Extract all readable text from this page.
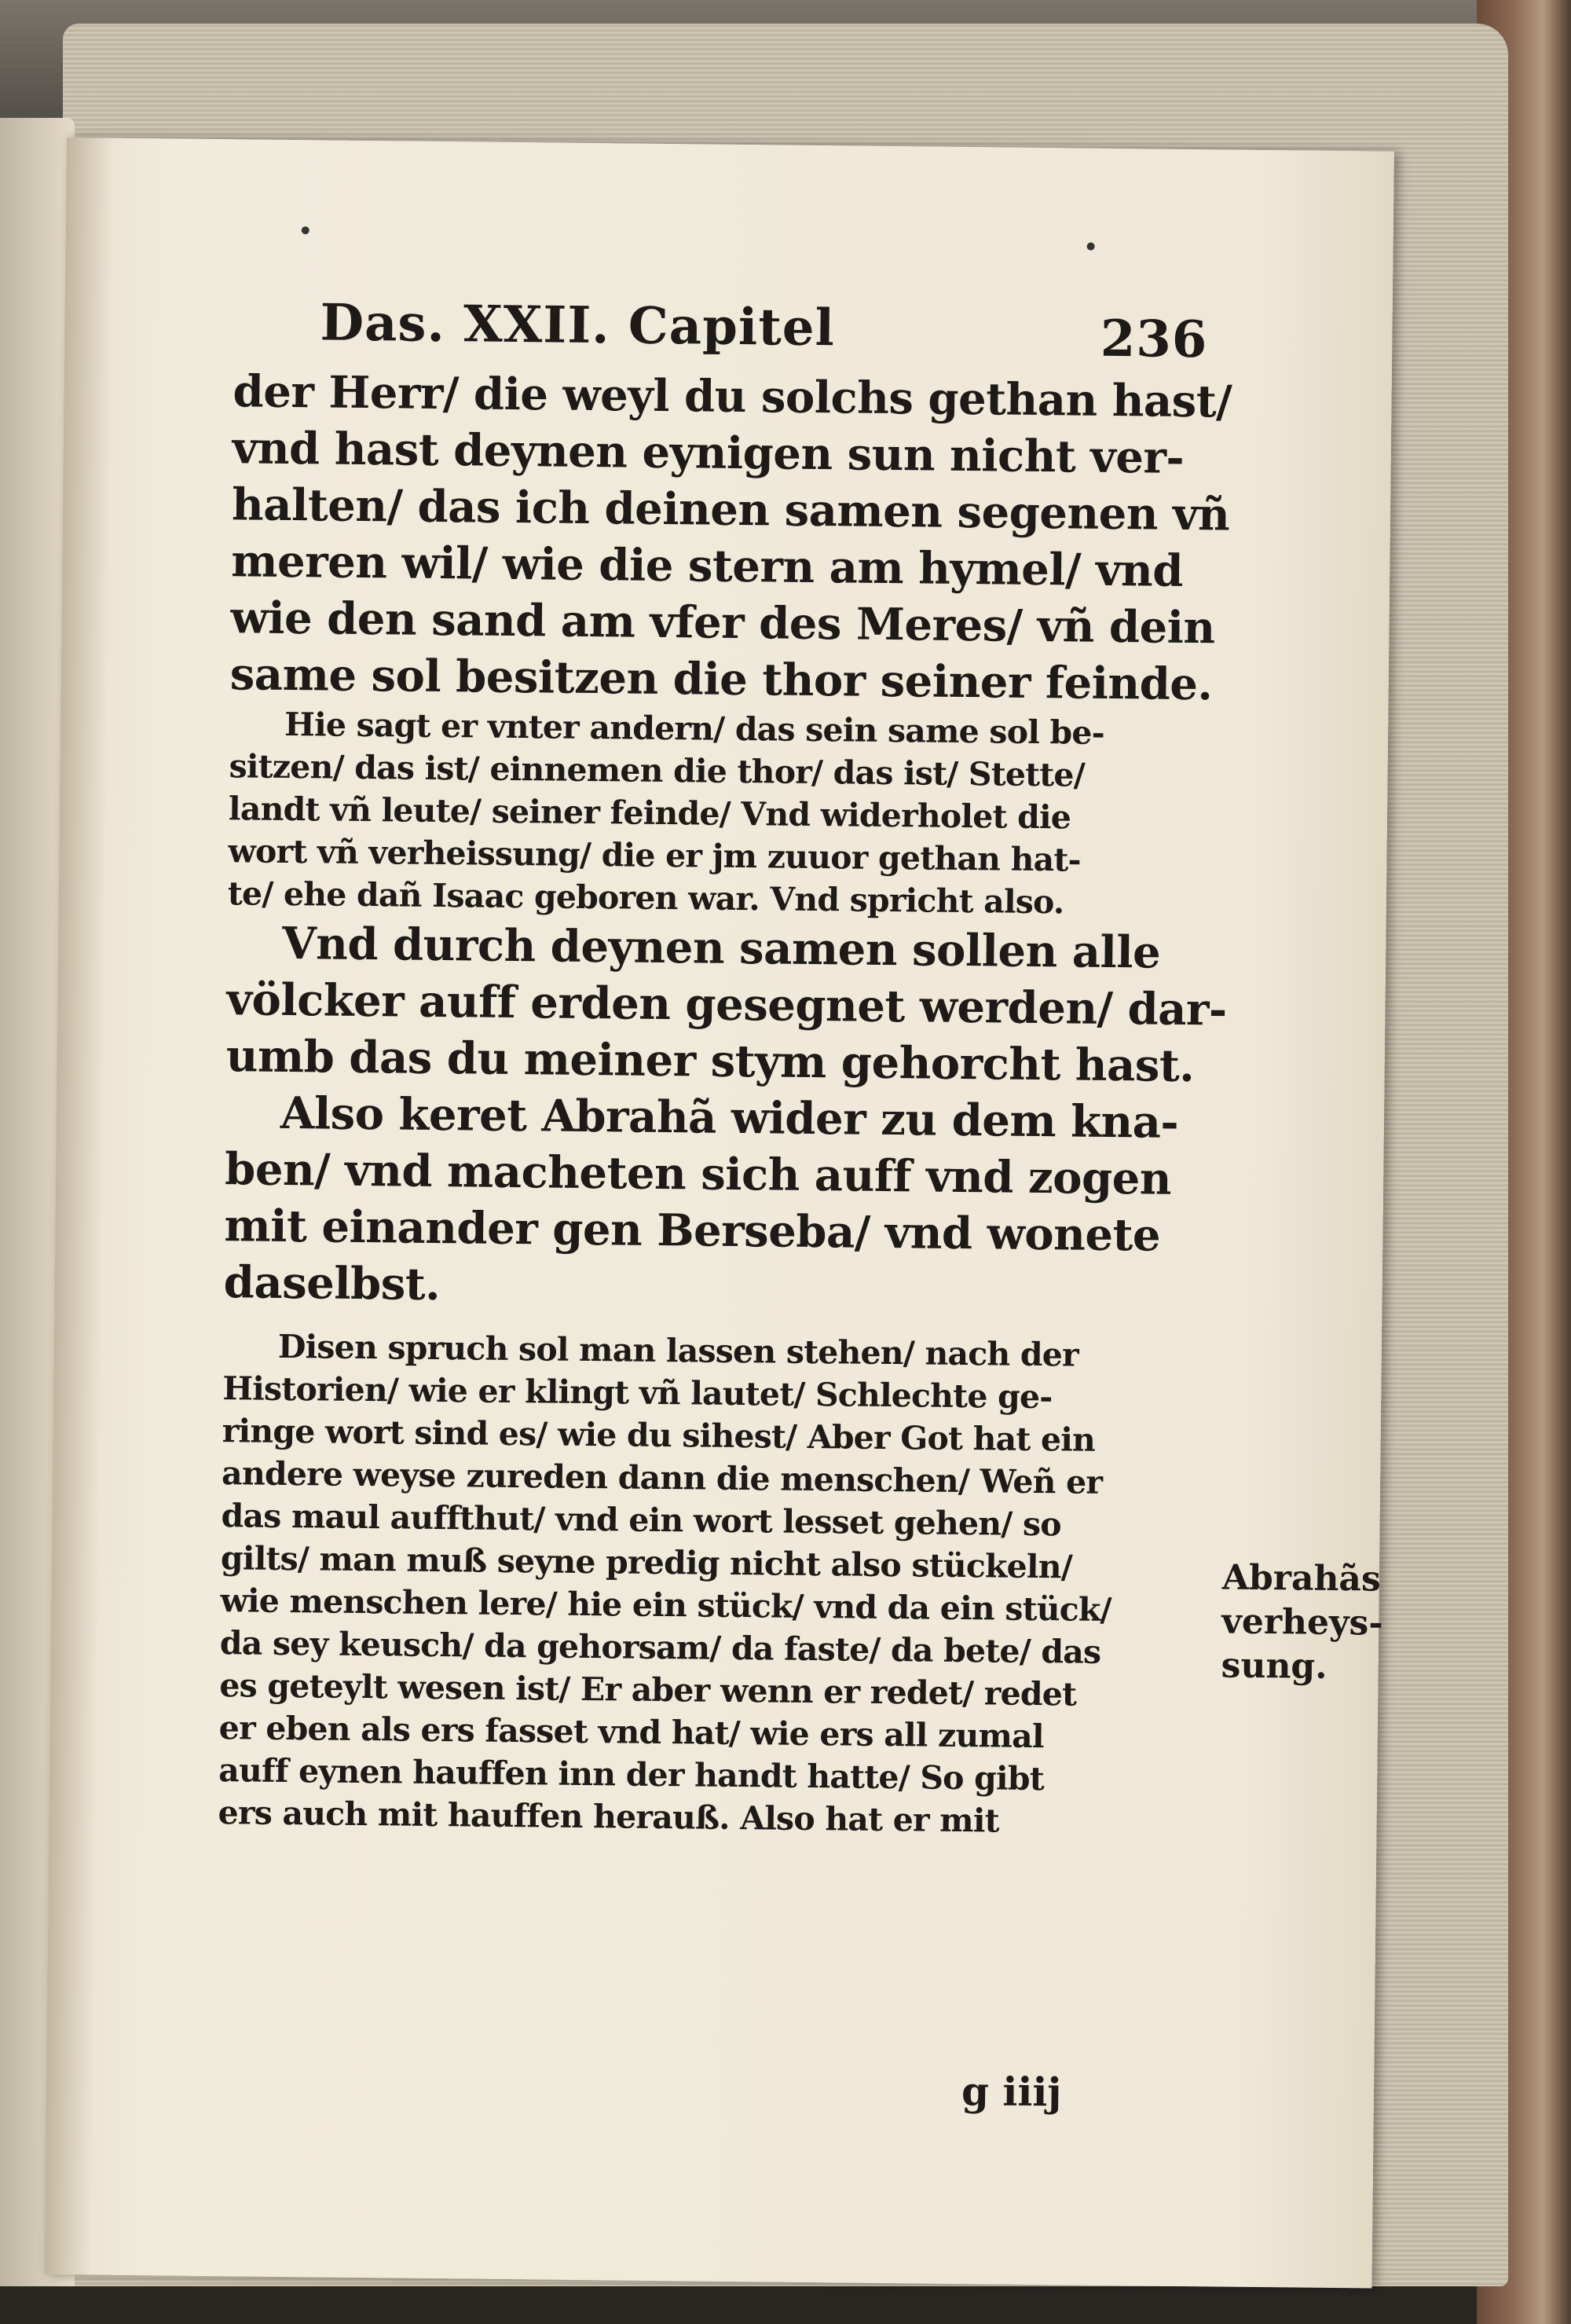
Das. XXII. Capitel	236
der Herr/ die weyl du solchs gethan hast/
vnd hast deynen eynigen sun nicht ver-
halten/ das ich deinen samen segenen vñ
meren wil/ wie die stern am hymel/ vnd
wie den sand am vfer des Meres/ vñ dein
same sol besitzen die thor seiner feinde.
Hie sagt er vnter andern/ das sein same sol be-
sitzen/ das ist/ einnemen die thor/ das ist/ Stette/
landt vñ leute/ seiner feinde/ Vnd widerholet die
wort vñ verheissung/ die er jm zuuor gethan hat-
te/ ehe dañ Isaac geboren war. Vnd spricht also.
Vnd durch deynen samen sollen alle
völcker auff erden gesegnet werden/ dar-
umb das du meiner stym gehorcht hast.
Also keret Abrahã wider zu dem kna-
ben/ vnd macheten sich auff vnd zogen
mit einander gen Berseba/ vnd wonete
daselbst.
Disen spruch sol man lassen stehen/ nach der
Historien/ wie er klingt vñ lautet/ Schlechte ge-
ringe wort sind es/ wie du sihest/ Aber Got hat ein
andere weyse zureden dann die menschen/ Weñ er
das maul auffthut/ vnd ein wort lesset gehen/ so
gilts/ man muß seyne predig nicht also stückeln/
wie menschen lere/ hie ein stück/ vnd da ein stück/
da sey keusch/ da gehorsam/ da faste/ da bete/ das
es geteylt wesen ist/ Er aber wenn er redet/ redet
er eben als ers fasset vnd hat/ wie ers all zumal
auff eynen hauffen inn der handt hatte/ So gibt
ers auch mit hauffen herauß. Also hat er mit
Abrahãs
verheys-
sung.
g iiij
